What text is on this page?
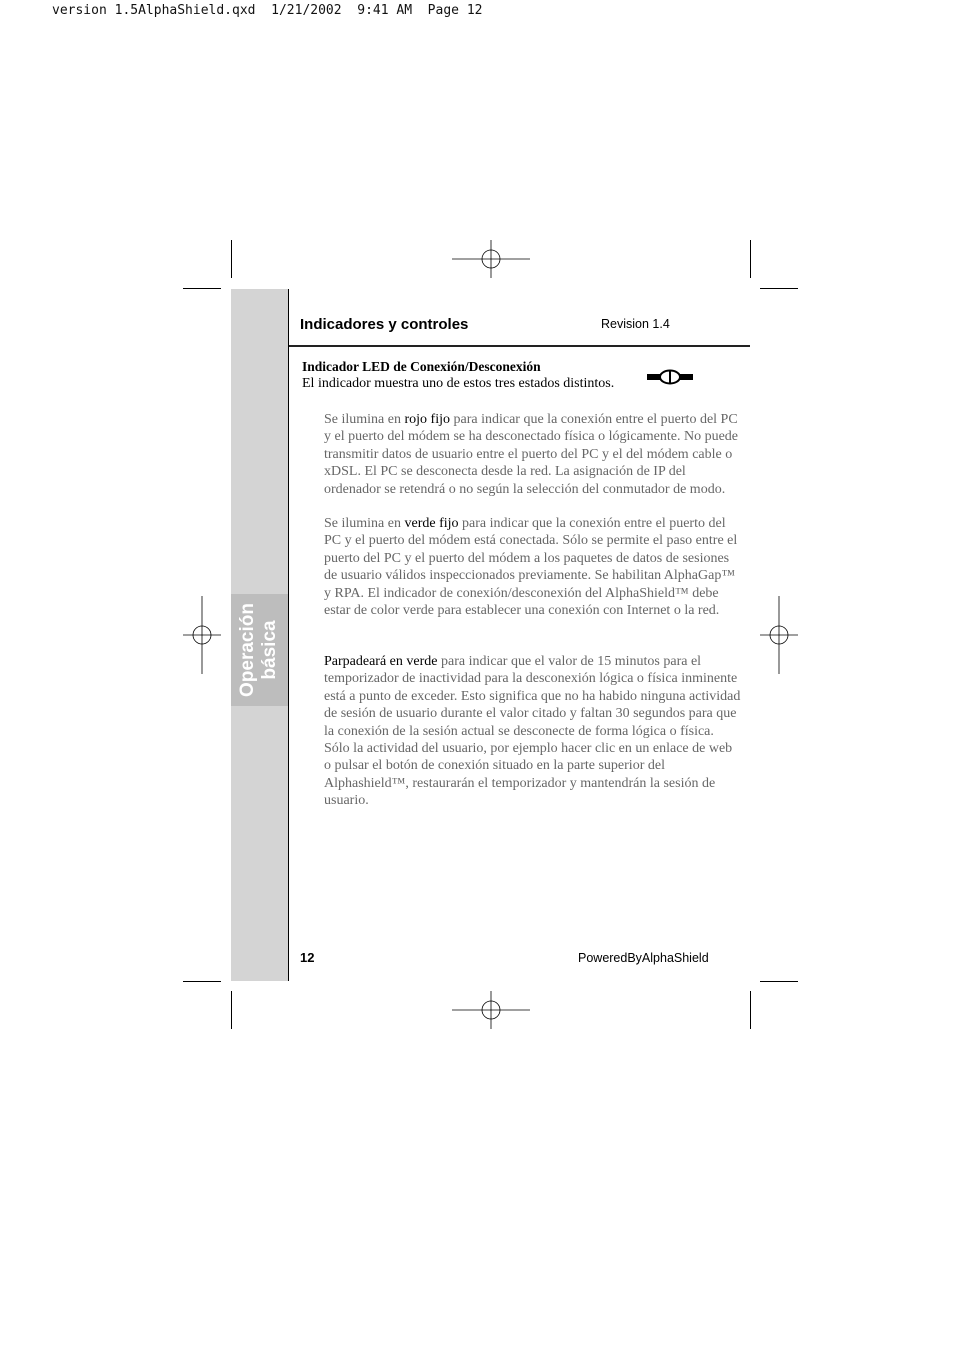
version 1.5AlphaShield.qxd  1/21/2002  9:41 AM  Page 12
Operación básica
Indicadores y controles	Revision 1.4
Indicador LED de Conexión/Desconexión
El indicador muestra uno de estos tres estados distintos.

Se ilumina en rojo fijo para indicar que la conexión entre el puerto del PC y el puerto del módem se ha desconectado física o lógicamente. No puede transmitir datos de usuario entre el puerto del PC y el del módem cable o xDSL. El PC se desconecta desde la red. La asignación de IP del ordenador se retendrá o no según la selección del conmutador de modo.

Se ilumina en verde fijo para indicar que la conexión entre el puerto del PC y el puerto del módem está conectada. Sólo se permite el paso entre el puerto del PC y el puerto del módem a los paquetes de datos de sesiones de usuario válidos inspeccionados previamente. Se habilitan AlphaGap™ y RPA. El indicador de conexión/desconexión del AlphaShield™ debe estar de color verde para establecer una conexión con Internet o la red.

Parpadeará en verde para indicar que el valor de 15 minutos para el temporizador de inactividad para la desconexión lógica o física inminente está a punto de exceder. Esto significa que no ha habido ninguna actividad de sesión de usuario durante el valor citado y faltan 30 segundos para que la conexión de la sesión actual se desconecte de forma lógica o física. Sólo la actividad del usuario, por ejemplo hacer clic en un enlace de web o pulsar el botón de conexión situado en la parte superior del Alphashield™, restaurarán el temporizador y mantendrán la sesión de usuario.

12	PoweredByAlphaShield
